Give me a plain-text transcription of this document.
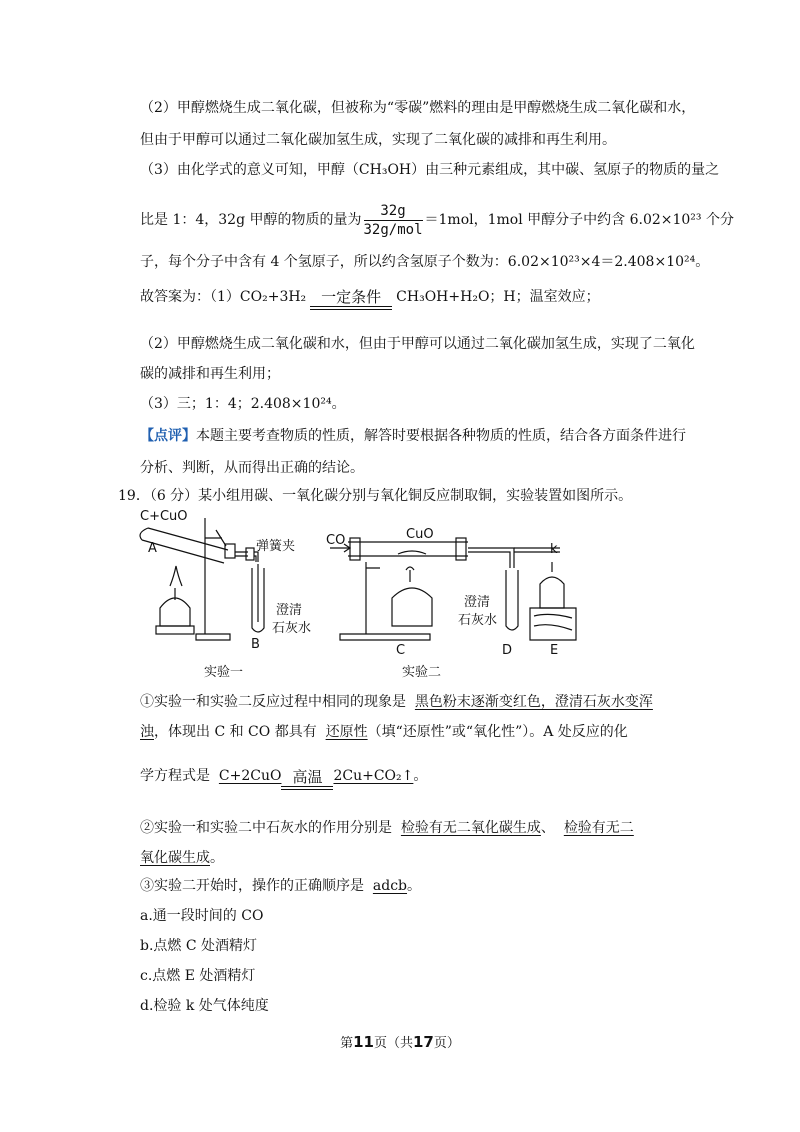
（2）甲醇燃烧生成二氧化碳，但被称为“零碳”燃料的理由是甲醇燃烧生成二氧化碳和水，
但由于甲醇可以通过二氧化碳加氢生成，实现了二氧化碳的减排和再生利用。
（3）由化学式的意义可知，甲醇（CH₃OH）由三种元素组成，其中碳、氢原子的物质的量之
比是 1：4，32g 甲醇的物质的量为 $\frac{32g}{\text{32g/mol}} =1mol$，1mol 甲醇分子中约含 6.02×10²³ 个分
子，每个分子中含有 4 个氢原子，所以约含氢原子个数为：6.02×10²³×4＝2.408×10²⁴。
故答案为：（1）CO₂+3H₂ 一定条件	CH₃OH+H₂O；H；温室效应；
（2）甲醇燃烧生成二氧化碳和水，但由于甲醇可以通过二氧化碳加氢生成，实现了二氧化
碳的减排和再生利用；
（3）三；1：4；2.408×10²⁴。
【点评】本题主要考查物质的性质，解答时要根据各种物质的性质，结合各方面条件进行
分析、判断，从而得出正确的结论。
19．（6 分）某小组用碳、一氧化碳分别与氧化铜反应制取铜，实验装置如图所示。
C+CuO
A	弹簧夹
澄清
石灰水
B
实验一
CO	CuO
k
澄清
石灰水
C	D	E
实验二
①实验一和实验二反应过程中相同的现象是 黑色粉末逐渐变红色，澄清石灰水变浑
浊，体现出 C 和 CO 都具有 还原性（填“还原性”或“氧化性”）。A 处反应的化
学方程式是 C+2CuO 高温 2Cu+CO₂↑。
②实验一和实验二中石灰水的作用分别是 检验有无二氧化碳生成、 检验有无二
氧化碳生成。
③实验二开始时，操作的正确顺序是 adcb。
a.通一段时间的 CO
b.点燃 C 处酒精灯
c.点燃 E 处酒精灯
d.检验 k 处气体纯度
第11页（共17页）
